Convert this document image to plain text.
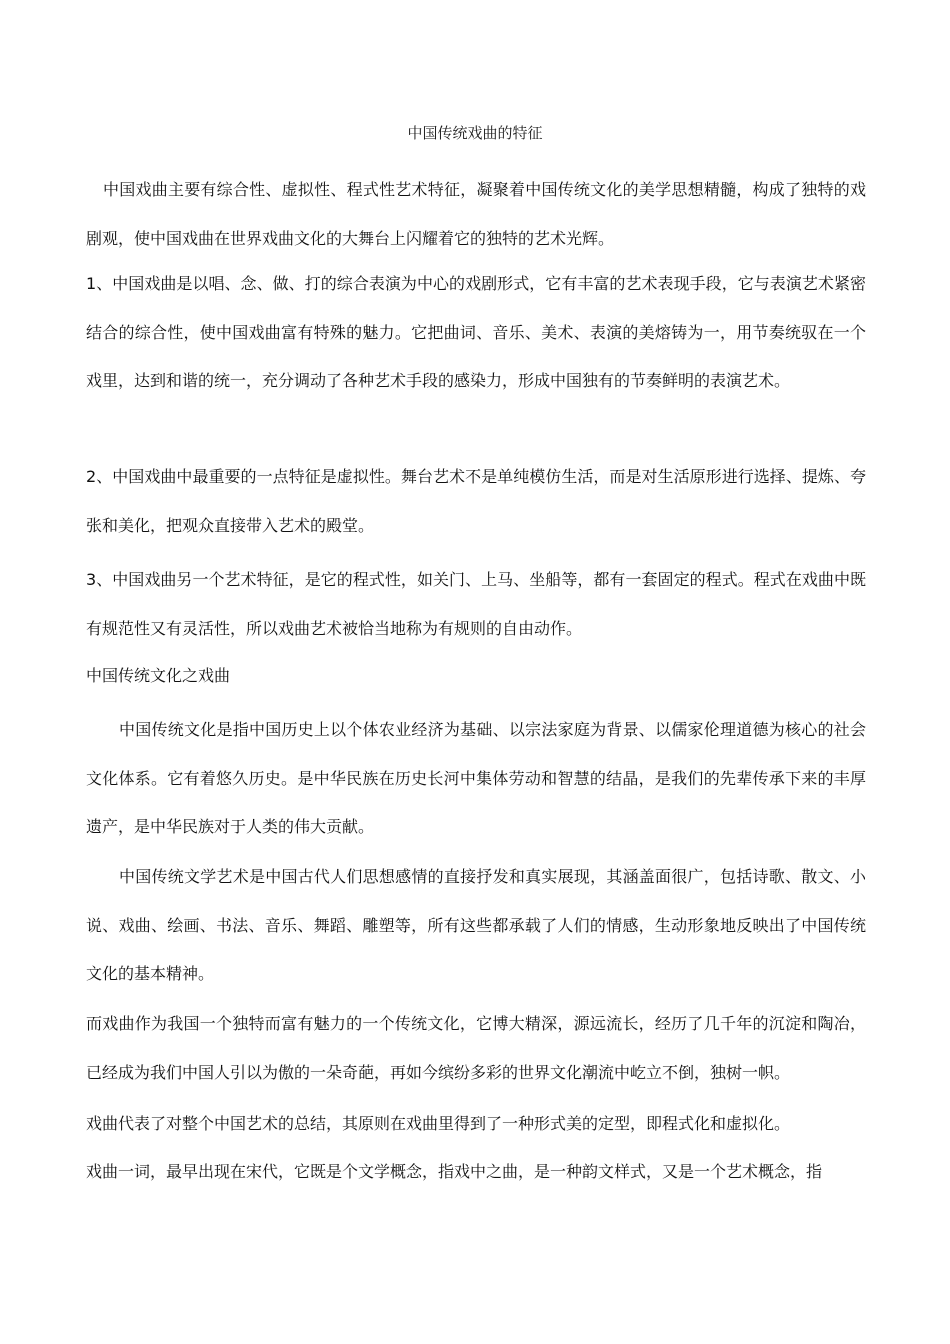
中国传统戏曲的特征

中国戏曲主要有综合性、虚拟性、程式性艺术特征，凝聚着中国传统文化的美学思想精髓，构成了独特的戏剧观，使中国戏曲在世界戏曲文化的大舞台上闪耀着它的独特的艺术光辉。

1、中国戏曲是以唱、念、做、打的综合表演为中心的戏剧形式，它有丰富的艺术表现手段，它与表演艺术紧密结合的综合性，使中国戏曲富有特殊的魅力。它把曲词、音乐、美术、表演的美熔铸为一，用节奏统驭在一个戏里，达到和谐的统一，充分调动了各种艺术手段的感染力，形成中国独有的节奏鲜明的表演艺术。

2、中国戏曲中最重要的一点特征是虚拟性。舞台艺术不是单纯模仿生活，而是对生活原形进行选择、提炼、夸张和美化，把观众直接带入艺术的殿堂。

3、中国戏曲另一个艺术特征，是它的程式性，如关门、上马、坐船等，都有一套固定的程式。程式在戏曲中既有规范性又有灵活性，所以戏曲艺术被恰当地称为有规则的自由动作。

中国传统文化之戏曲

中国传统文化是指中国历史上以个体农业经济为基础、以宗法家庭为背景、以儒家伦理道德为核心的社会文化体系。它有着悠久历史。是中华民族在历史长河中集体劳动和智慧的结晶，是我们的先辈传承下来的丰厚遗产，是中华民族对于人类的伟大贡献。

中国传统文学艺术是中国古代人们思想感情的直接抒发和真实展现，其涵盖面很广，包括诗歌、散文、小说、戏曲、绘画、书法、音乐、舞蹈、雕塑等，所有这些都承载了人们的情感，生动形象地反映出了中国传统文化的基本精神。

而戏曲作为我国一个独特而富有魅力的一个传统文化，它博大精深，源远流长，经历了几千年的沉淀和陶冶，已经成为我们中国人引以为傲的一朵奇葩，再如今缤纷多彩的世界文化潮流中屹立不倒，独树一帜。

戏曲代表了对整个中国艺术的总结，其原则在戏曲里得到了一种形式美的定型，即程式化和虚拟化。

戏曲一词，最早出现在宋代，它既是个文学概念，指戏中之曲，是一种韵文样式，又是一个艺术概念，指
